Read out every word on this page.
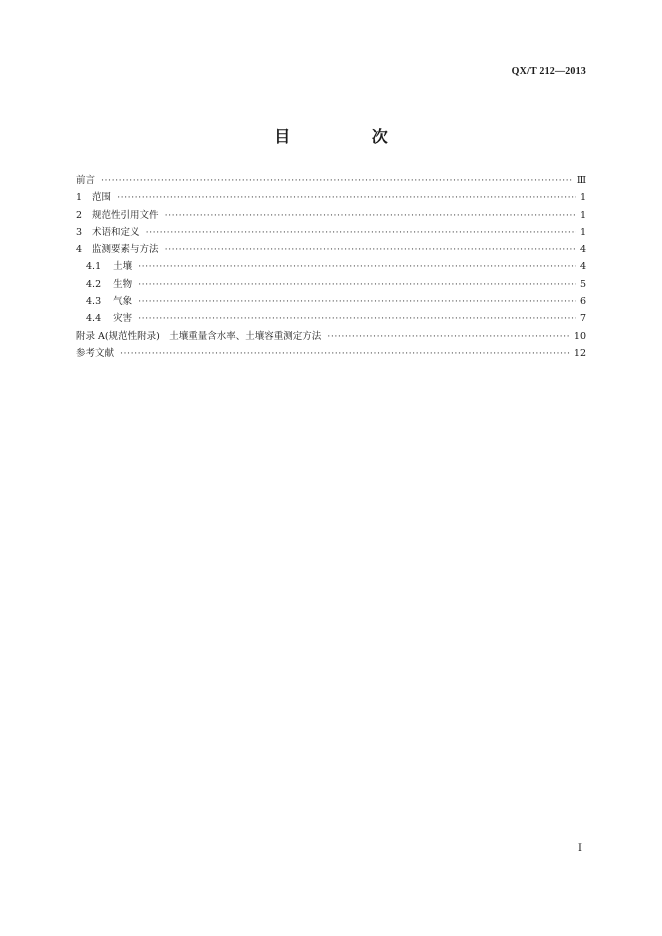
QX/T 212—2013
目 次
前言 ·····	Ⅲ
1 范围 ·····	1
2 规范性引用文件 ·····	1
3 术语和定义 ·····	1
4 监测要素与方法 ·····	4
4.1 土壤 ·····	4
4.2 生物 ·····	5
4.3 气象 ·····	6
4.4 灾害 ·····	7
附录 A(规范性附录)　土壤重量含水率、土壤容重测定方法 ·····	10
参考文献 ·····	12
Ⅰ
